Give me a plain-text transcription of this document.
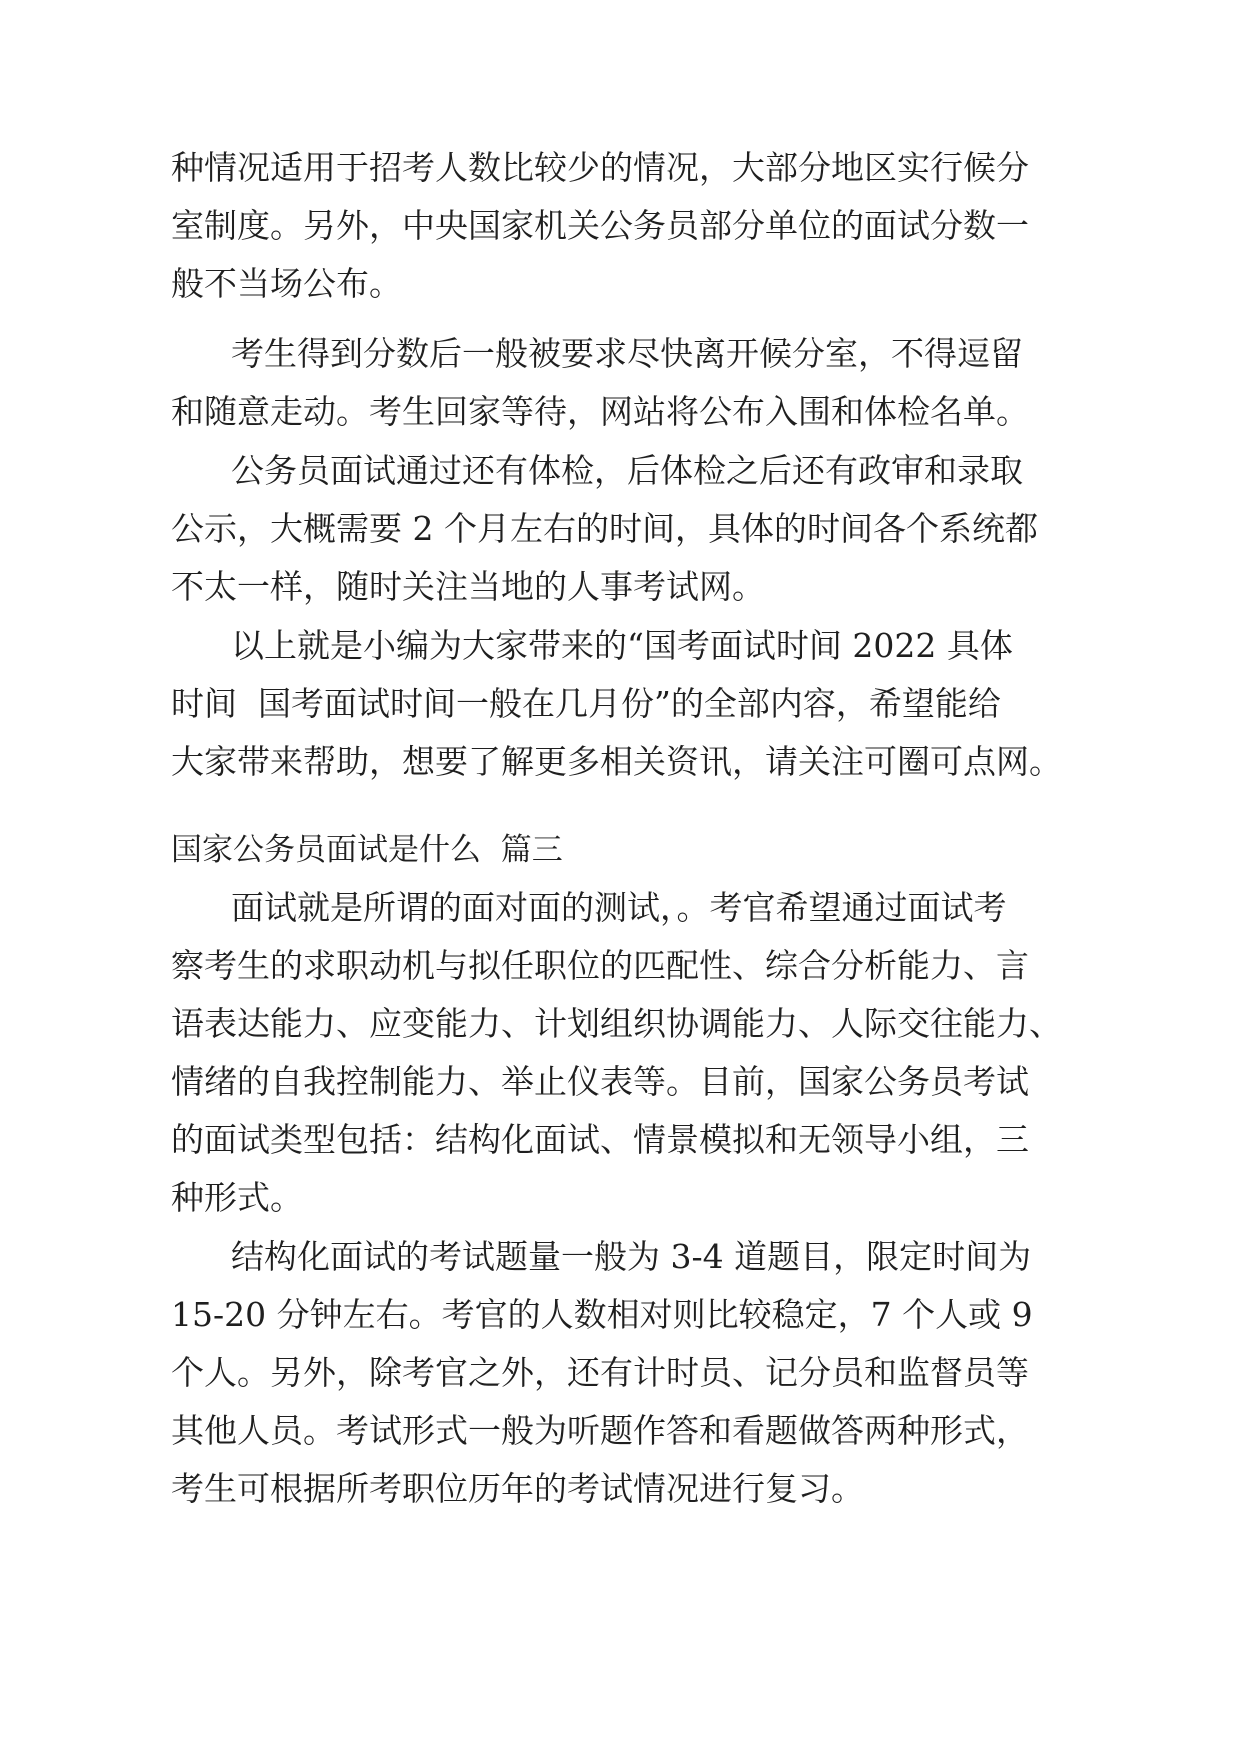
种情况适用于招考人数比较少的情况，大部分地区实行候分
室制度。另外，中央国家机关公务员部分单位的面试分数一
般不当场公布。
考生得到分数后一般被要求尽快离开候分室，不得逗留
和随意走动。考生回家等待，网站将公布入围和体检名单。
公务员面试通过还有体检，后体检之后还有政审和录取
公示，大概需要 2 个月左右的时间，具体的时间各个系统都
不太一样，随时关注当地的人事考试网。
以上就是小编为大家带来的“国考面试时间 2022 具体
时间  国考面试时间一般在几月份”的全部内容，希望能给
大家带来帮助，想要了解更多相关资讯，请关注可圈可点网。
国家公务员面试是什么  篇三
面试就是所谓的面对面的测试，。考官希望通过面试考
察考生的求职动机与拟任职位的匹配性、综合分析能力、言
语表达能力、应变能力、计划组织协调能力、人际交往能力、
情绪的自我控制能力、举止仪表等。目前，国家公务员考试
的面试类型包括：结构化面试、情景模拟和无领导小组，三
种形式。
结构化面试的考试题量一般为 3-4 道题目，限定时间为
15-20 分钟左右。考官的人数相对则比较稳定，7 个人或 9
个人。另外，除考官之外，还有计时员、记分员和监督员等
其他人员。考试形式一般为听题作答和看题做答两种形式，
考生可根据所考职位历年的考试情况进行复习。
